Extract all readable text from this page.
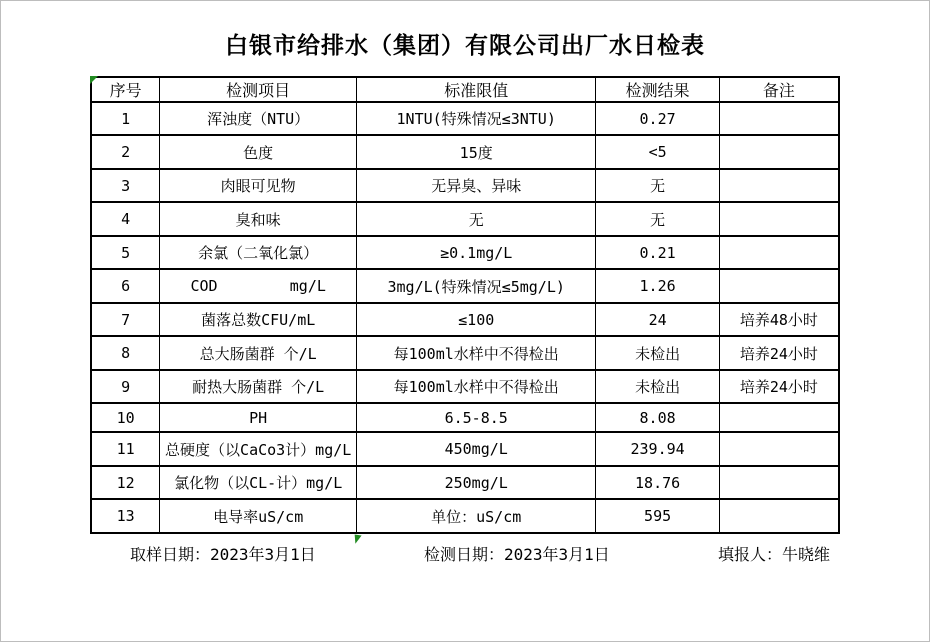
白银市给排水（集团）有限公司出厂水日检表
序号	检测项目	标准限值	检测结果	备注
1	浑浊度（NTU）	1NTU(特殊情况≤3NTU)	0.27	
2	色度	15度	<5	
3	肉眼可见物	无异臭、异味	无	
4	臭和味	无	无	
5	余氯（二氧化氯）	≥0.1mg/L	0.21	
6	COD        mg/L	3mg/L(特殊情况≤5mg/L)	1.26	
7	菌落总数CFU/mL	≤100	24	培养48小时
8	总大肠菌群 个/L	每100ml水样中不得检出	未检出	培养24小时
9	耐热大肠菌群 个/L	每100ml水样中不得检出	未检出	培养24小时
10	PH	6.5-8.5	8.08	
11	总硬度（以CaCo3计）mg/L	450mg/L	239.94	
12	氯化物（以CL-计）mg/L	250mg/L	18.76	
13	电导率uS/cm	单位：uS/cm	595	
取样日期：2023年3月1日	检测日期：2023年3月1日	填报人：牛晓维
